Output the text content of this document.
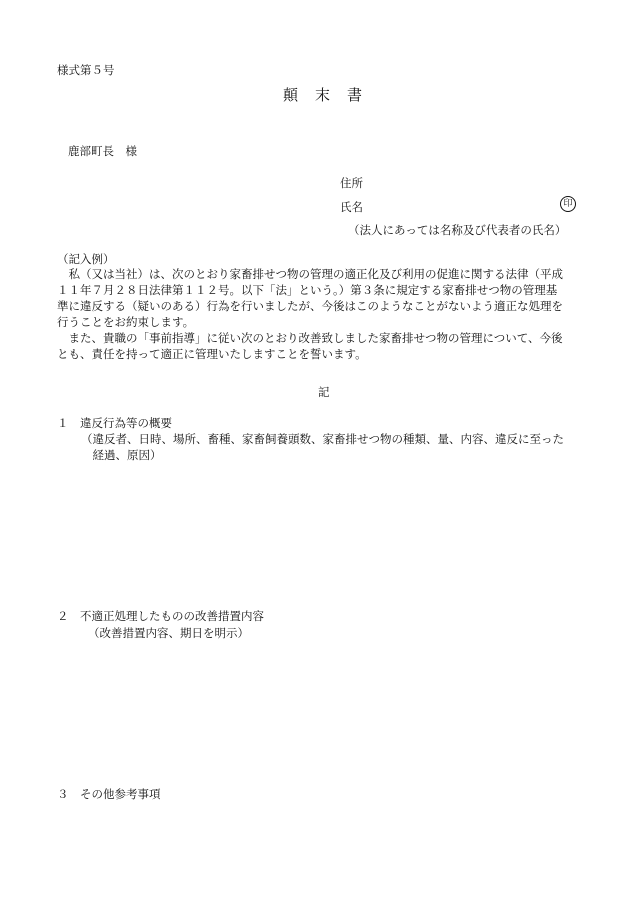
様式第５号
顛　末　書
鹿部町長　様
住所
氏名	印
（法人にあっては名称及び代表者の氏名）
（記入例）
　私（又は当社）は、次のとおり家畜排せつ物の管理の適正化及び利用の促進に関する法律（平成
１１年７月２８日法律第１１２号。以下「法」という。）第３条に規定する家畜排せつ物の管理基
準に違反する（疑いのある）行為を行いましたが、今後はこのようなことがないよう適正な処理を
行うことをお約束します。
　また、貴職の「事前指導」に従い次のとおり改善致しました家畜排せつ物の管理について、今後
とも、責任を持って適正に管理いたしますことを誓います。
記
１　違反行為等の概要
（違反者、日時、場所、畜種、家畜飼養頭数、家畜排せつ物の種類、量、内容、違反に至った
　経過、原因）
２　不適正処理したものの改善措置内容
（改善措置内容、期日を明示）
３　その他参考事項
